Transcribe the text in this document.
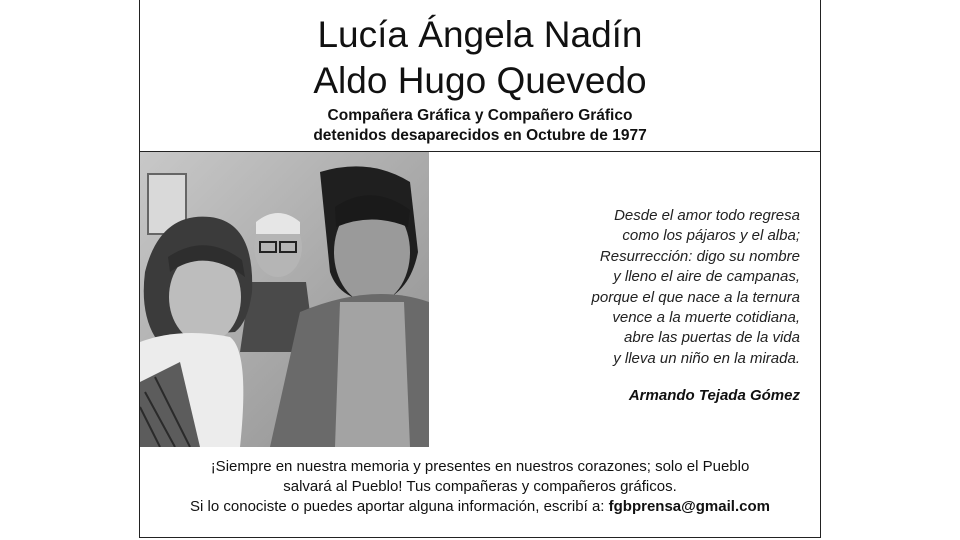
Lucía Ángela Nadín
Aldo Hugo Quevedo
Compañera Gráfica y Compañero Gráfico
detenidos desaparecidos en Octubre de 1977
Desde el amor todo regresa
como los pájaros y el alba;
Resurrección: digo su nombre
y lleno el aire de campanas,
porque el que nace a la ternura
vence a la muerte cotidiana,
abre las puertas de la vida
y lleva un niño en la mirada.
Armando Tejada Gómez
¡Siempre en nuestra memoria y presentes en nuestros corazones; solo el Pueblo
salvará al Pueblo! Tus compañeras y compañeros gráficos.
Si lo conociste o puedes aportar alguna información, escribí a: fgbprensa@gmail.com
